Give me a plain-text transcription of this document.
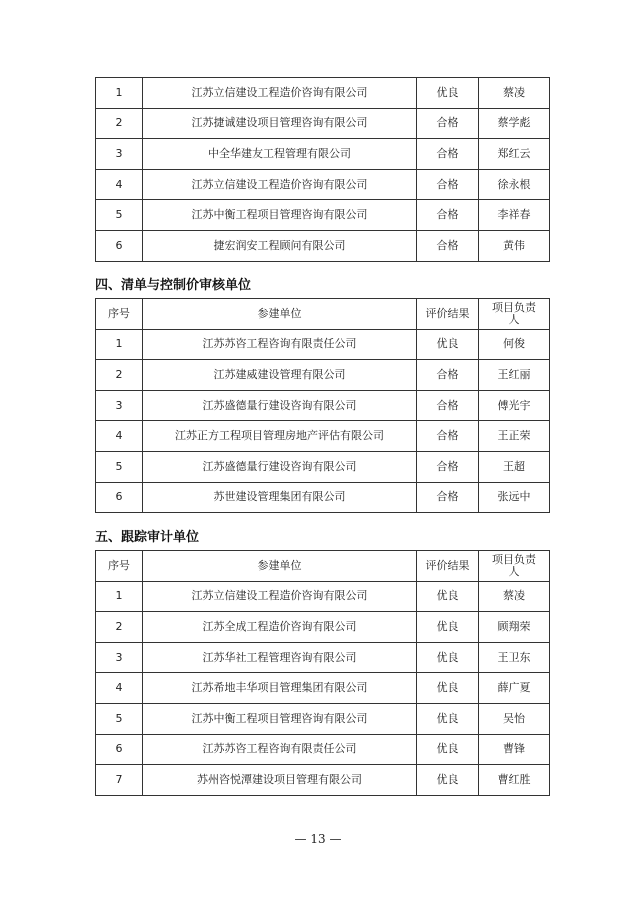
1	江苏立信建设工程造价咨询有限公司	优良	蔡凌
2	江苏捷诚建设项目管理咨询有限公司	合格	蔡学彪
3	中全华建友工程管理有限公司	合格	郑红云
4	江苏立信建设工程造价咨询有限公司	合格	徐永根
5	江苏中衡工程项目管理咨询有限公司	合格	李祥春
6	捷宏润安工程顾问有限公司	合格	黄伟
四、清单与控制价审核单位
序号	参建单位	评价结果	项目负责人
1	江苏苏咨工程咨询有限责任公司	优良	何俊
2	江苏建威建设管理有限公司	合格	王红丽
3	江苏盛德量行建设咨询有限公司	合格	傅光宇
4	江苏正方工程项目管理房地产评估有限公司	合格	王正荣
5	江苏盛德量行建设咨询有限公司	合格	王超
6	苏世建设管理集团有限公司	合格	张远中
五、跟踪审计单位
序号	参建单位	评价结果	项目负责人
1	江苏立信建设工程造价咨询有限公司	优良	蔡凌
2	江苏全成工程造价咨询有限公司	优良	顾翔荣
3	江苏华社工程管理咨询有限公司	优良	王卫东
4	江苏希地丰华项目管理集团有限公司	优良	薛广夏
5	江苏中衡工程项目管理咨询有限公司	优良	吴怡
6	江苏苏咨工程咨询有限责任公司	优良	曹锋
7	苏州咨悦潭建设项目管理有限公司	优良	曹红胜
— 13 —
